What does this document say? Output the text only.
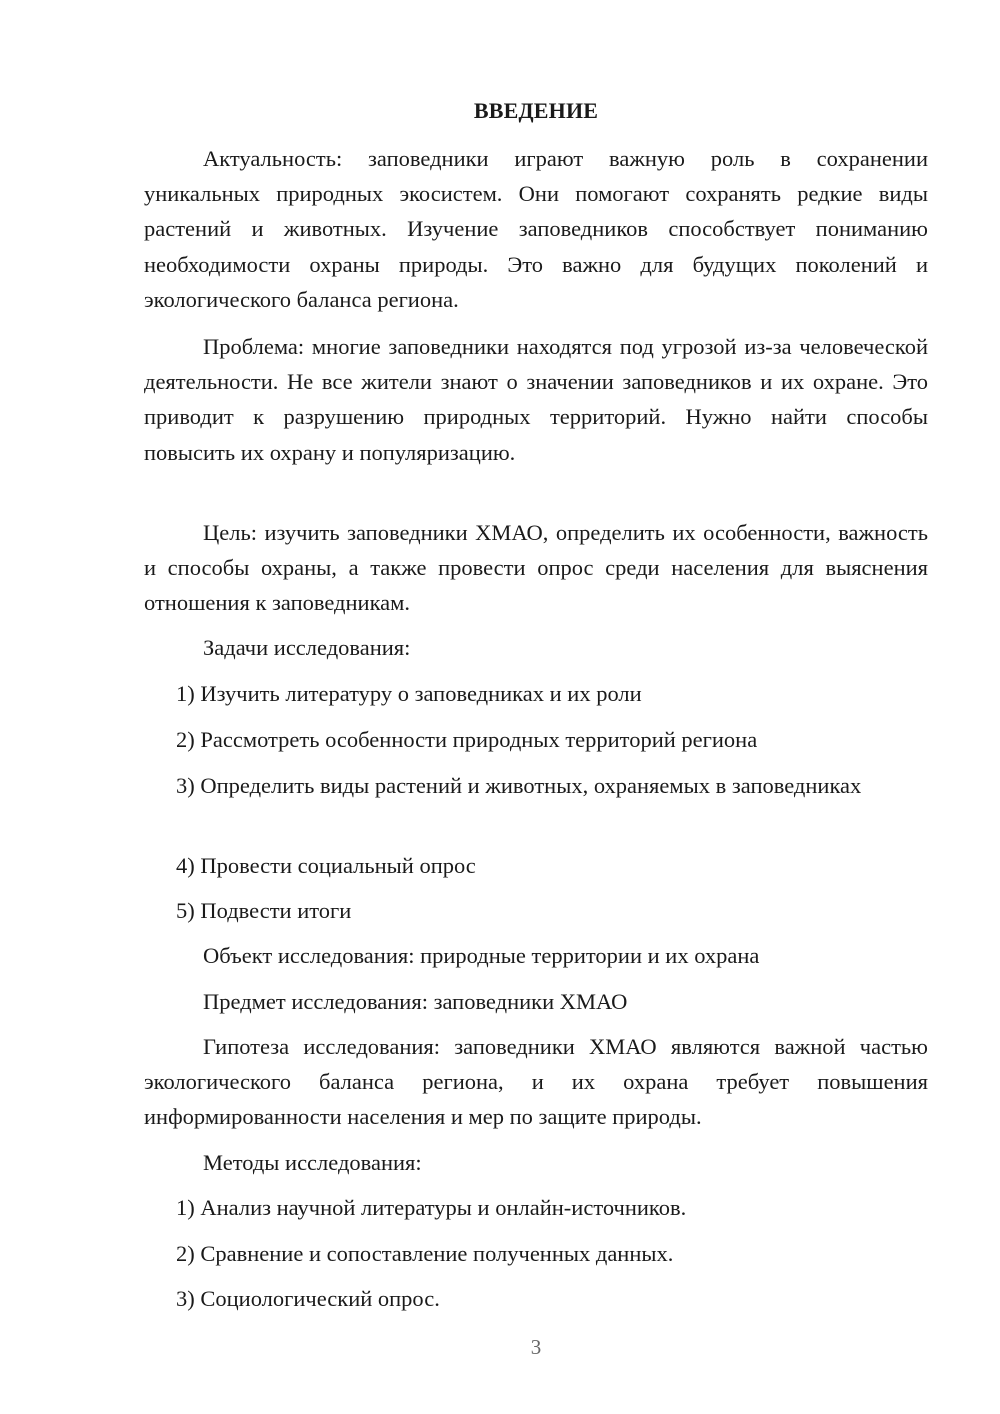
ВВЕДЕНИЕ

Актуальность: заповедники играют важную роль в сохранении уникальных природных экосистем. Они помогают сохранять редкие виды растений и животных. Изучение заповедников способствует пониманию необходимости охраны природы. Это важно для будущих поколений и экологического баланса региона.

Проблема: многие заповедники находятся под угрозой из-за человеческой деятельности. Не все жители знают о значении заповедников и их охране. Это приводит к разрушению природных территорий. Нужно найти способы повысить их охрану и популяризацию.

Цель: изучить заповедники ХМАО, определить их особенности, важность и способы охраны, а также провести опрос среди населения для выяснения отношения к заповедникам.

Задачи исследования:

1) Изучить литературу о заповедниках и их роли

2) Рассмотреть особенности природных территорий региона

3) Определить виды растений и животных, охраняемых в заповедниках

4) Провести социальный опрос

5) Подвести итоги

Объект исследования: природные территории и их охрана

Предмет исследования: заповедники ХМАО

Гипотеза исследования: заповедники ХМАО являются важной частью экологического баланса региона, и их охрана требует повышения информированности населения и мер по защите природы.

Методы исследования:

1) Анализ научной литературы и онлайн-источников.

2) Сравнение и сопоставление полученных данных.

3) Социологический опрос.

3
